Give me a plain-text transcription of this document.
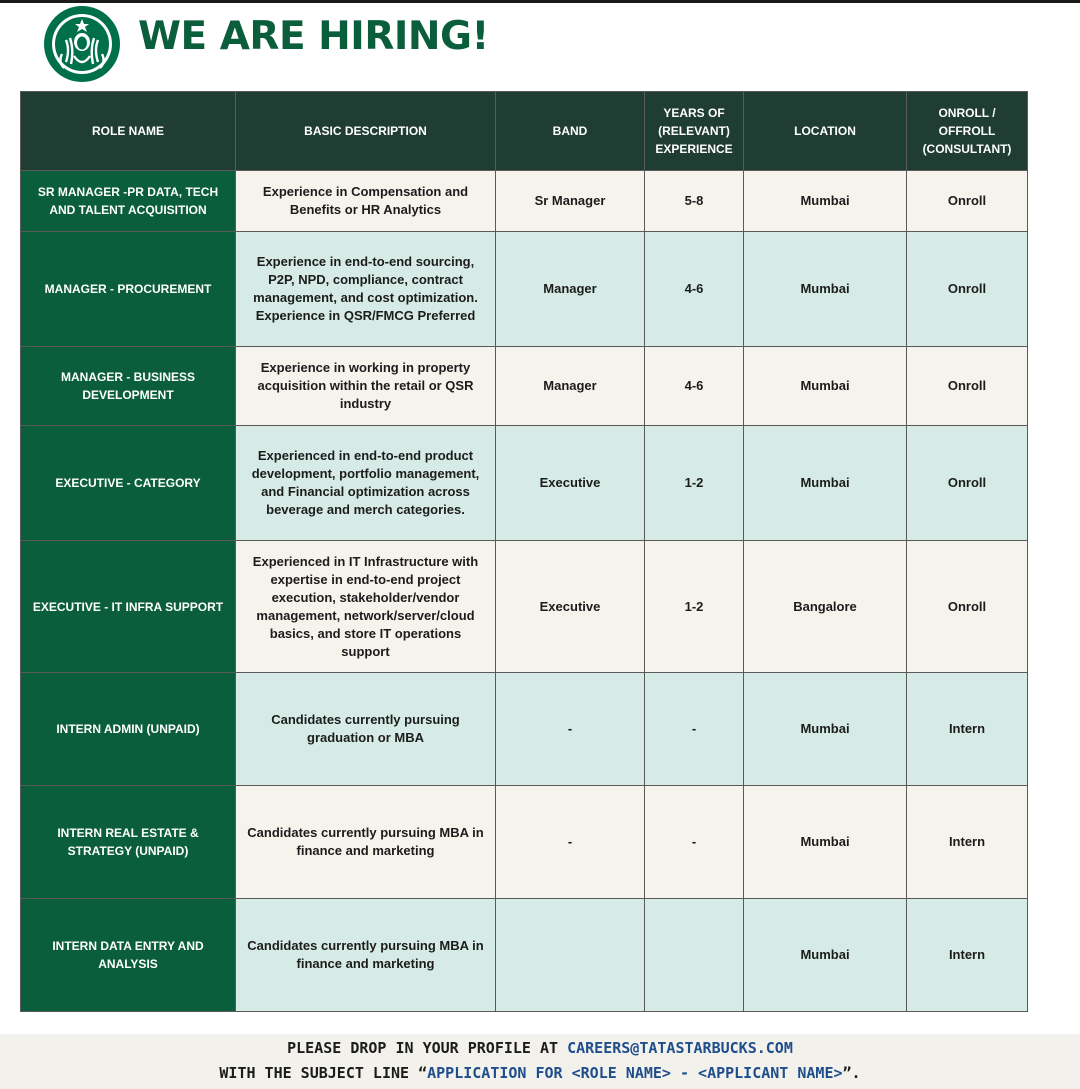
WE ARE HIRING!
ROLE NAME	BASIC DESCRIPTION	BAND	YEARS OF (RELEVANT) EXPERIENCE	LOCATION	ONROLL / OFFROLL (CONSULTANT)
SR MANAGER -PR DATA, TECH AND TALENT ACQUISITION	Experience in Compensation and Benefits or HR Analytics	Sr Manager	5-8	Mumbai	Onroll
MANAGER - PROCUREMENT	Experience in end-to-end sourcing, P2P, NPD, compliance, contract management, and cost optimization. Experience in QSR/FMCG Preferred	Manager	4-6	Mumbai	Onroll
MANAGER - BUSINESS DEVELOPMENT	Experience in working in property acquisition within the retail or QSR industry	Manager	4-6	Mumbai	Onroll
EXECUTIVE - CATEGORY	Experienced in end-to-end product development, portfolio management, and Financial optimization across beverage and merch categories.	Executive	1-2	Mumbai	Onroll
EXECUTIVE - IT INFRA SUPPORT	Experienced in IT Infrastructure with expertise in end-to-end project execution, stakeholder/vendor management, network/server/cloud basics, and store IT operations support	Executive	1-2	Bangalore	Onroll
INTERN ADMIN (UNPAID)	Candidates currently pursuing graduation or MBA	-	-	Mumbai	Intern
INTERN REAL ESTATE & STRATEGY (UNPAID)	Candidates currently pursuing MBA in finance and marketing	-	-	Mumbai	Intern
INTERN DATA ENTRY AND ANALYSIS	Candidates currently pursuing MBA in finance and marketing			Mumbai	Intern
PLEASE DROP IN YOUR PROFILE AT CAREERS@TATASTARBUCKS.COM
WITH THE SUBJECT LINE “APPLICATION FOR <ROLE NAME> - <APPLICANT NAME>”.
